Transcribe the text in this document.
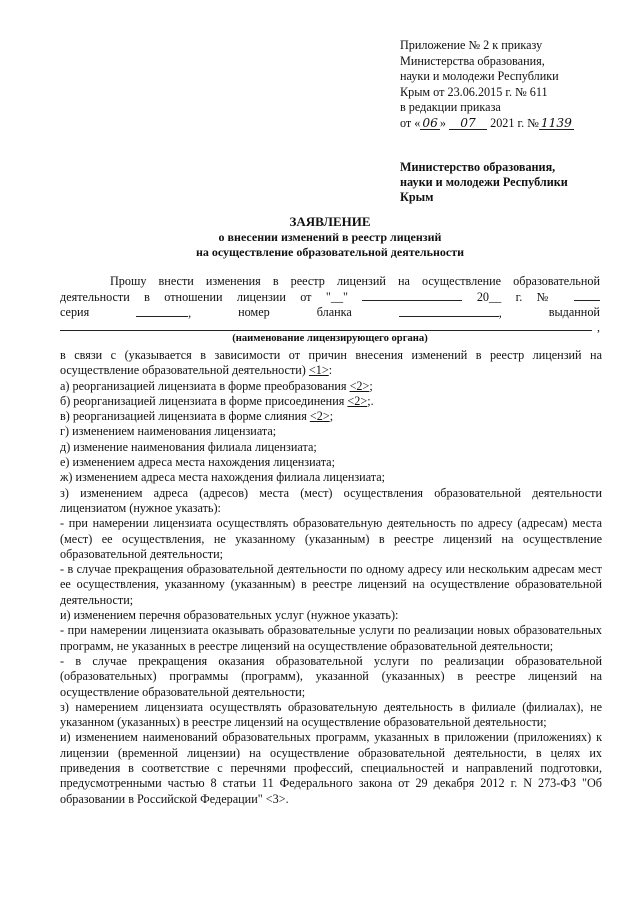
Приложение № 2 к приказу
Министерства образования,
науки и молодежи Республики
Крым от 23.06.2015 г. № 611
в редакции приказа
от « 06 » 07 2021 г. № 1139
Министерство образования,
науки и молодежи Республики
Крым
ЗАЯВЛЕНИЕ
о внесении изменений в реестр лицензий
на осуществление образовательной деятельности
Прошу внести изменения в реестр лицензий на осуществление образовательной
деятельности в отношении лицензии от "__"	20__ г. №
серия	,	номер	бланка	,	выданной
,
(наименование лицензирующего органа)

в связи с (указывается в зависимости от причин внесения изменений в реестр лицензий на осуществление образовательной деятельности) <1>:

а) реорганизацией лицензиата в форме преобразования <2>;

б) реорганизацией лицензиата в форме присоединения <2>;.

в) реорганизацией лицензиата в форме слияния <2>;

г) изменением наименования лицензиата;

д) изменение наименования филиала лицензиата;

е) изменением адреса места нахождения лицензиата;

ж) изменением адреса места нахождения филиала лицензиата;

з) изменением адреса (адресов) места (мест) осуществления образовательной деятельности лицензиатом (нужное указать):

- при намерении лицензиата осуществлять образовательную деятельность по адресу (адресам) места (мест) ее осуществления, не указанному (указанным) в реестре лицензий на осуществление образовательной деятельности;

- в случае прекращения образовательной деятельности по одному адресу или нескольким адресам мест ее осуществления, указанному (указанным) в реестре лицензий на осуществление образовательной деятельности;

и) изменением перечня образовательных услуг (нужное указать):

- при намерении лицензиата оказывать образовательные услуги по реализации новых образовательных программ, не указанных в реестре лицензий на осуществление образовательной деятельности;

- в случае прекращения оказания образовательной услуги по реализации образовательной (образовательных) программы (программ), указанной (указанных) в реестре лицензий на осуществление образовательной деятельности;

з) намерением лицензиата осуществлять образовательную деятельность в филиале (филиалах), не указанном (указанных) в реестре лицензий на осуществление образовательной деятельности;

и) изменением наименований образовательных программ, указанных в приложении (приложениях) к лицензии (временной лицензии) на осуществление образовательной деятельности, в целях их приведения в соответствие с перечнями профессий, специальностей и направлений подготовки, предусмотренными частью 8 статьи 11 Федерального закона от 29 декабря 2012 г. N 273-ФЗ "Об образовании в Российской Федерации" <3>.
